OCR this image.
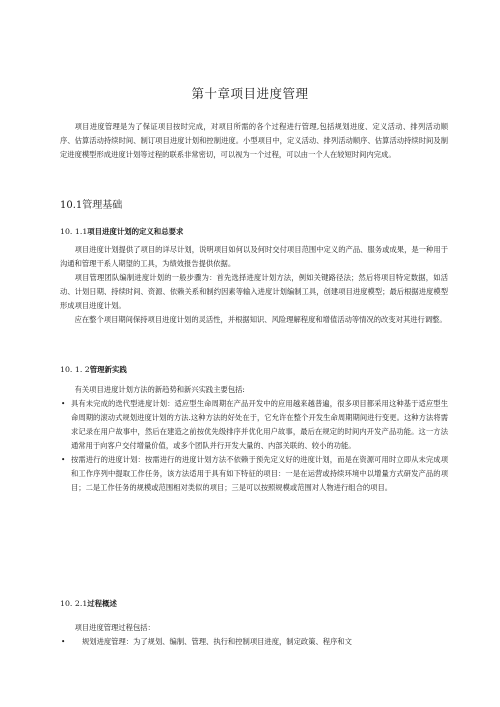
第十章项目进度管理

项目进度管理是为了保证项目按时完成，对项目所需的各个过程进行管理,包括规划进度、定义活动、排列活动顺序、估算活动持续时间、制订项目进度计划和控制进度。小型项目中，定义活动、排列活动顺序、估算活动持续时间及制定进度模型形成进度计划等过程的联系非常密切，可以视为一个过程，可以由一个人在较短时间内完成。

10.1管理基础
10. 1.1项目进度计划的定义和总要求

项目进度计划提供了项目的详尽计划，说明项目如何以及何时交付项目范围中定义的产品、服务或成果，是一种用于沟通和管理干系人期望的工具，为绩效报告提供依据。

项目管理团队编制进度计划的一般步骤为：首先选择进度计划方法，例如关键路径法；然后将项目特定数据，如活动、计划日期、持续时间、资源、依赖关系和制约因素等输入进度计划编制工具，创建项目进度模型；最后根据进度模型形成项目进度计划。

应在整个项目期间保持项目进度计划的灵活性，并根据知识、风险理解程度和增值活动等情况的改变对其进行调整。

10. 1. 2管理新实践

有关项目进度计划方法的新趋势和新兴实践主要包括:

• 具有未完成的迭代型进度计划：适应型生命周期在产品开发中的应用越来越普遍，很多项目都采用这种基于适应型生命周期的滚动式规划进度计划的方法.这种方法的好处在于，它允许在整个开发生命周期期间进行变更。这种方法将需求记录在用户故事中，然后在建造之前按优先级排序并优化用户故事，最后在规定的时间内开发产品功能。这一方法通常用于向客户交付增量价值，或多个团队并行开发大量的、内部关联的、较小的功能。
• 按需进行的进度计划：按需进行的进度计划方法不依赖于预先定义好的进度计划，而是在资源可用时立即从未完成项和工作序列中提取工作任务，该方法适用于具有如下特征的项目：一是在运营或持续环境中以增量方式研发产品的项目；二是工作任务的规模或范围相对类似的项目；三是可以按照规模或范围对人物进行组合的项目。
10. 2.1过程概述

项目进度管理过程包括：

• 规划进度管理：为了规划、编制、管理、执行和控制项目进度，制定政策、程序和文
